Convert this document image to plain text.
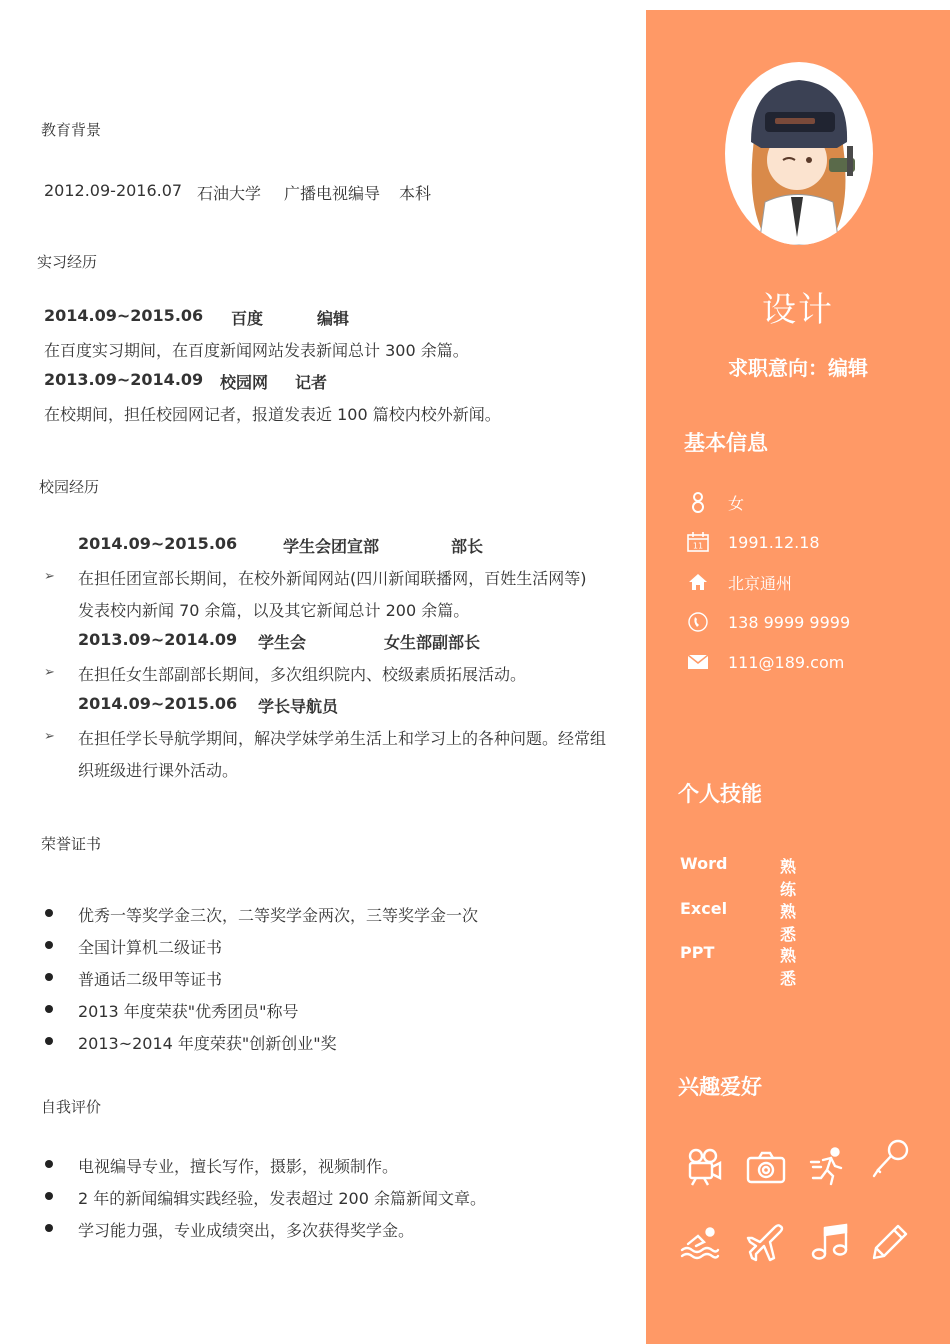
教育背景
2012.09-2016.07 石油大学 广播电视编导 本科
实习经历
2014.09~2015.06 百度	编辑
在百度实习期间，在百度新闻网站发表新闻总计 300 余篇。
2013.09~2014.09 校园网 记者
在校期间，担任校园网记者，报道发表近 100 篇校内校外新闻。
校园经历
2014.09~2015.06	学生会团宣部	部长
➢ 在担任团宣部长期间，在校外新闻网站(四川新闻联播网，百姓生活网等)
发表校内新闻 70 余篇，以及其它新闻总计 200 余篇。
2013.09~2014.09 学生会	女生部副部长
➢ 在担任女生部副部长期间，多次组织院内、校级素质拓展活动。
2014.09~2015.06 学长导航员
➢ 在担任学长导航学期间，解决学妹学弟生活上和学习上的各种问题。经常组
织班级进行课外活动。
荣誉证书
优秀一等奖学金三次，二等奖学金两次，三等奖学金一次
全国计算机二级证书
普通话二级甲等证书
2013 年度荣获"优秀团员"称号
2013~2014 年度荣获"创新创业"奖
自我评价
电视编导专业，擅长写作，摄影，视频制作。
2 年的新闻编辑实践经验，发表超过 200 余篇新闻文章。
学习能力强，专业成绩突出，多次获得奖学金。
设计
求职意向：编辑
基本信息
女
11 1991.12.18
北京通州
138 9999 9999
111@189.com
个人技能
Word	熟练
Excel	熟悉
PPT	熟悉
兴趣爱好
